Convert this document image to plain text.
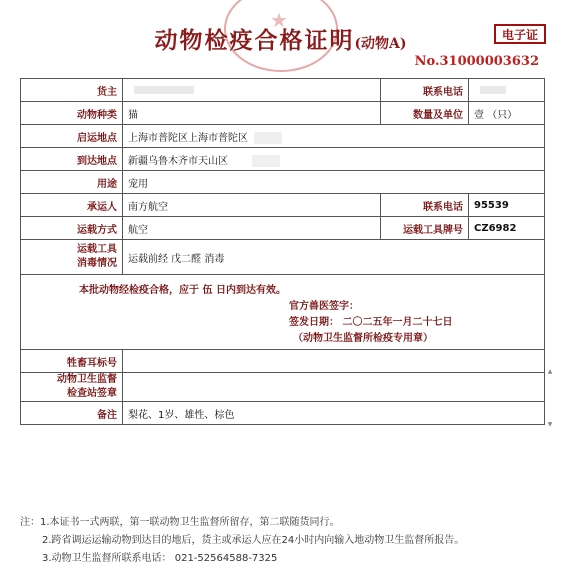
★
动物检疫合格证明(动物A)
电子证
No.31000003632
货主		联系电话	
动物种类	猫	数量及单位	壹 （只）
启运地点	上海市普陀区上海市普陀区		
到达地点	新疆乌鲁木齐市天山区		
用途	宠用		
承运人	南方航空	联系电话	95539
运载方式	航空	运载工具牌号	CZ6982
运载工具
消毒情况	运载前经 戊二醛 消毒		

本批动物经检疫合格，应于 伍 日内到达有效。
官方兽医签字：
签发日期： 二〇二五年一月二十七日
（动物卫生监督所检疫专用章）			

牲畜耳标号			
动物卫生监督
检查站签章			
备注	梨花、1岁、雄性、棕色		
▲
▼
注：1.本证书一式两联，第一联动物卫生监督所留存，第二联随货同行。
2.跨省调运运输动物到达目的地后，货主或承运人应在24小时内向输入地动物卫生监督所报告。
3.动物卫生监督所联系电话： 021-52564588-7325
